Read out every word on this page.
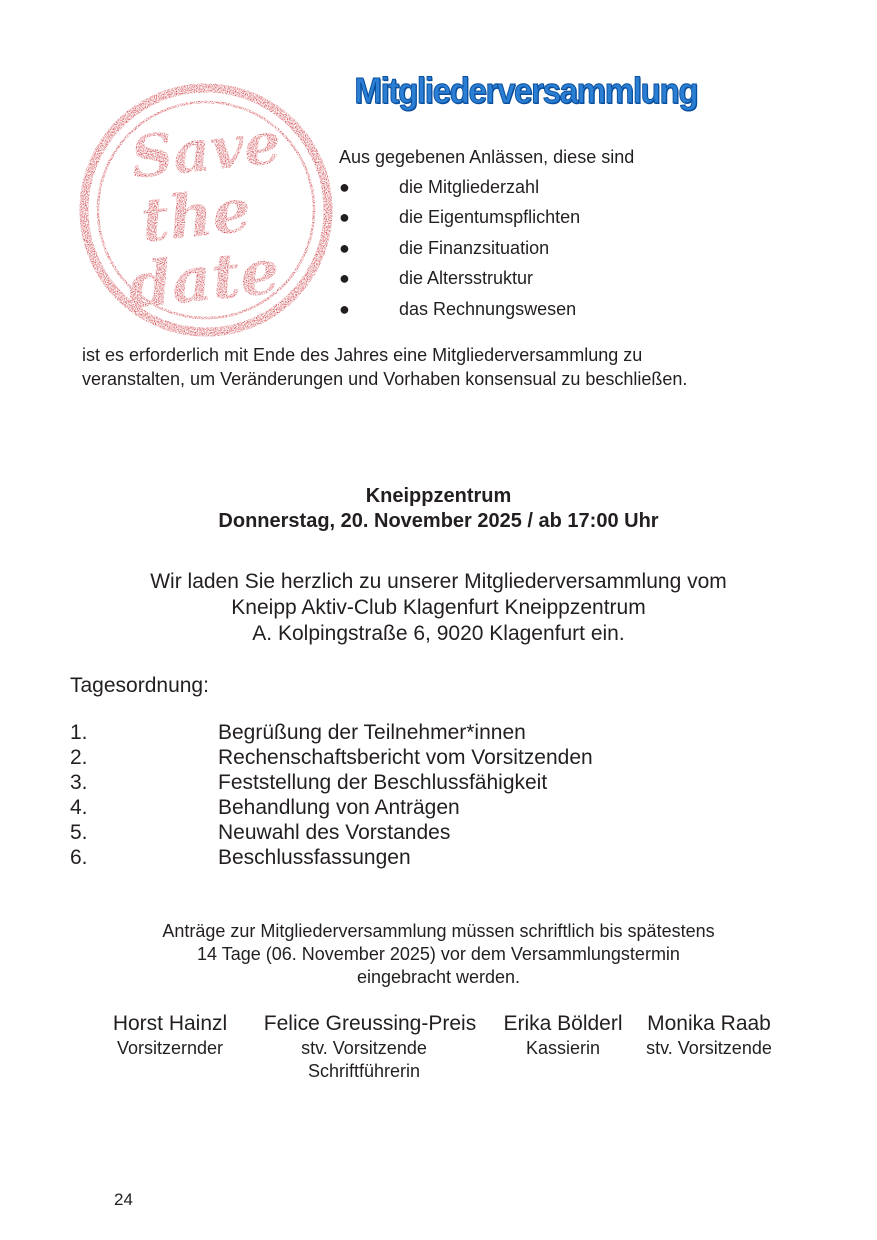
Save
the
date
Mitgliederversammlung
Aus gegebenen Anlässen, diese sind
●	die Mitgliederzahl
●	die Eigentumspflichten
●	die Finanzsituation
●	die Altersstruktur
●	das Rechnungswesen
ist es erforderlich mit Ende des Jahres eine Mitgliederversammlung zu
veranstalten, um Veränderungen und Vorhaben konsensual zu beschließen.
Kneippzentrum
Donnerstag, 20. November 2025 / ab 17:00 Uhr
Wir laden Sie herzlich zu unserer Mitgliederversammlung vom
Kneipp Aktiv-Club Klagenfurt Kneippzentrum
A. Kolpingstraße 6, 9020 Klagenfurt ein.
Tagesordnung:
1.	Begrüßung der Teilnehmer*innen
2.	Rechenschaftsbericht vom Vorsitzenden
3.	Feststellung der Beschlussfähigkeit
4.	Behandlung von Anträgen
5.	Neuwahl des Vorstandes
6.	Beschlussfassungen
Anträge zur Mitgliederversammlung müssen schriftlich bis spätestens
14 Tage (06. November 2025) vor dem Versammlungstermin
eingebracht werden.
Horst Hainzl
Vorsitzernder
Felice Greussing-Preis
stv. Vorsitzende
Schriftführerin
Erika Bölderl
Kassierin
Monika Raab
stv. Vorsitzende
24
